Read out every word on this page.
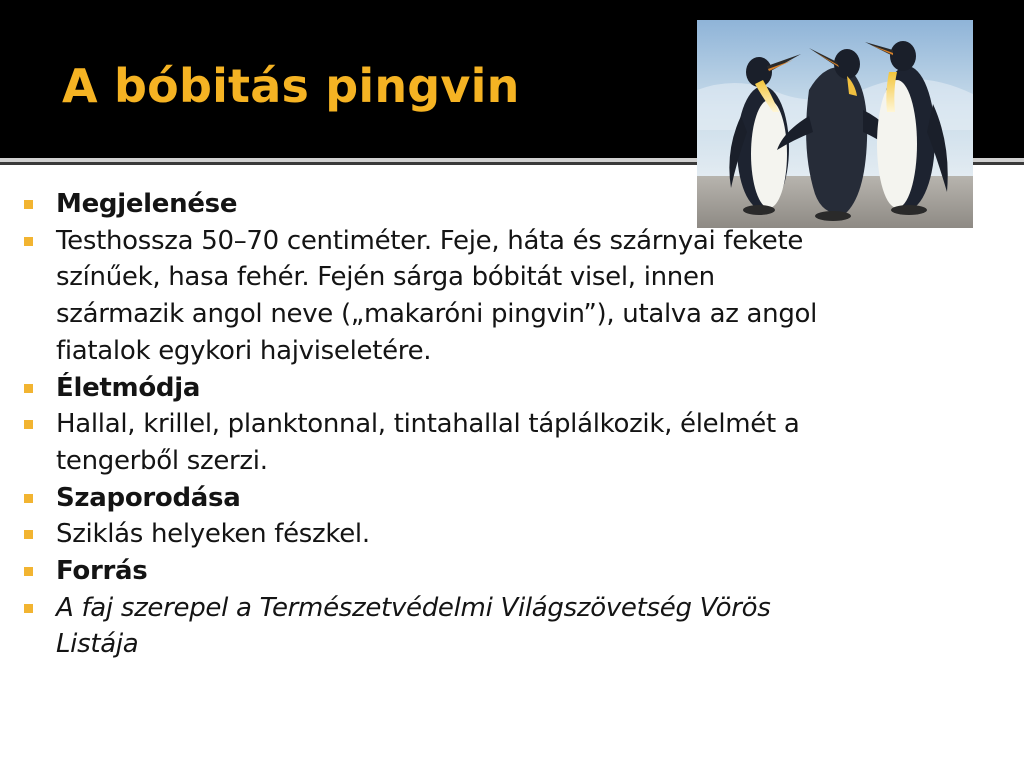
A bóbitás pingvin
Megjelenése
Testhossza 50–70 centiméter. Feje, háta és szárnyai fekete színűek, hasa fehér. Fején sárga bóbitát visel, innen származik angol neve („makaróni pingvin”), utalva az angol fiatalok egykori hajviseletére.
Életmódja
Hallal, krillel, planktonnal, tintahallal táplálkozik, élelmét a tengerből szerzi.
Szaporodása
Sziklás helyeken fészkel.
Forrás
A faj szerepel a Természetvédelmi Világszövetség Vörös Listája
